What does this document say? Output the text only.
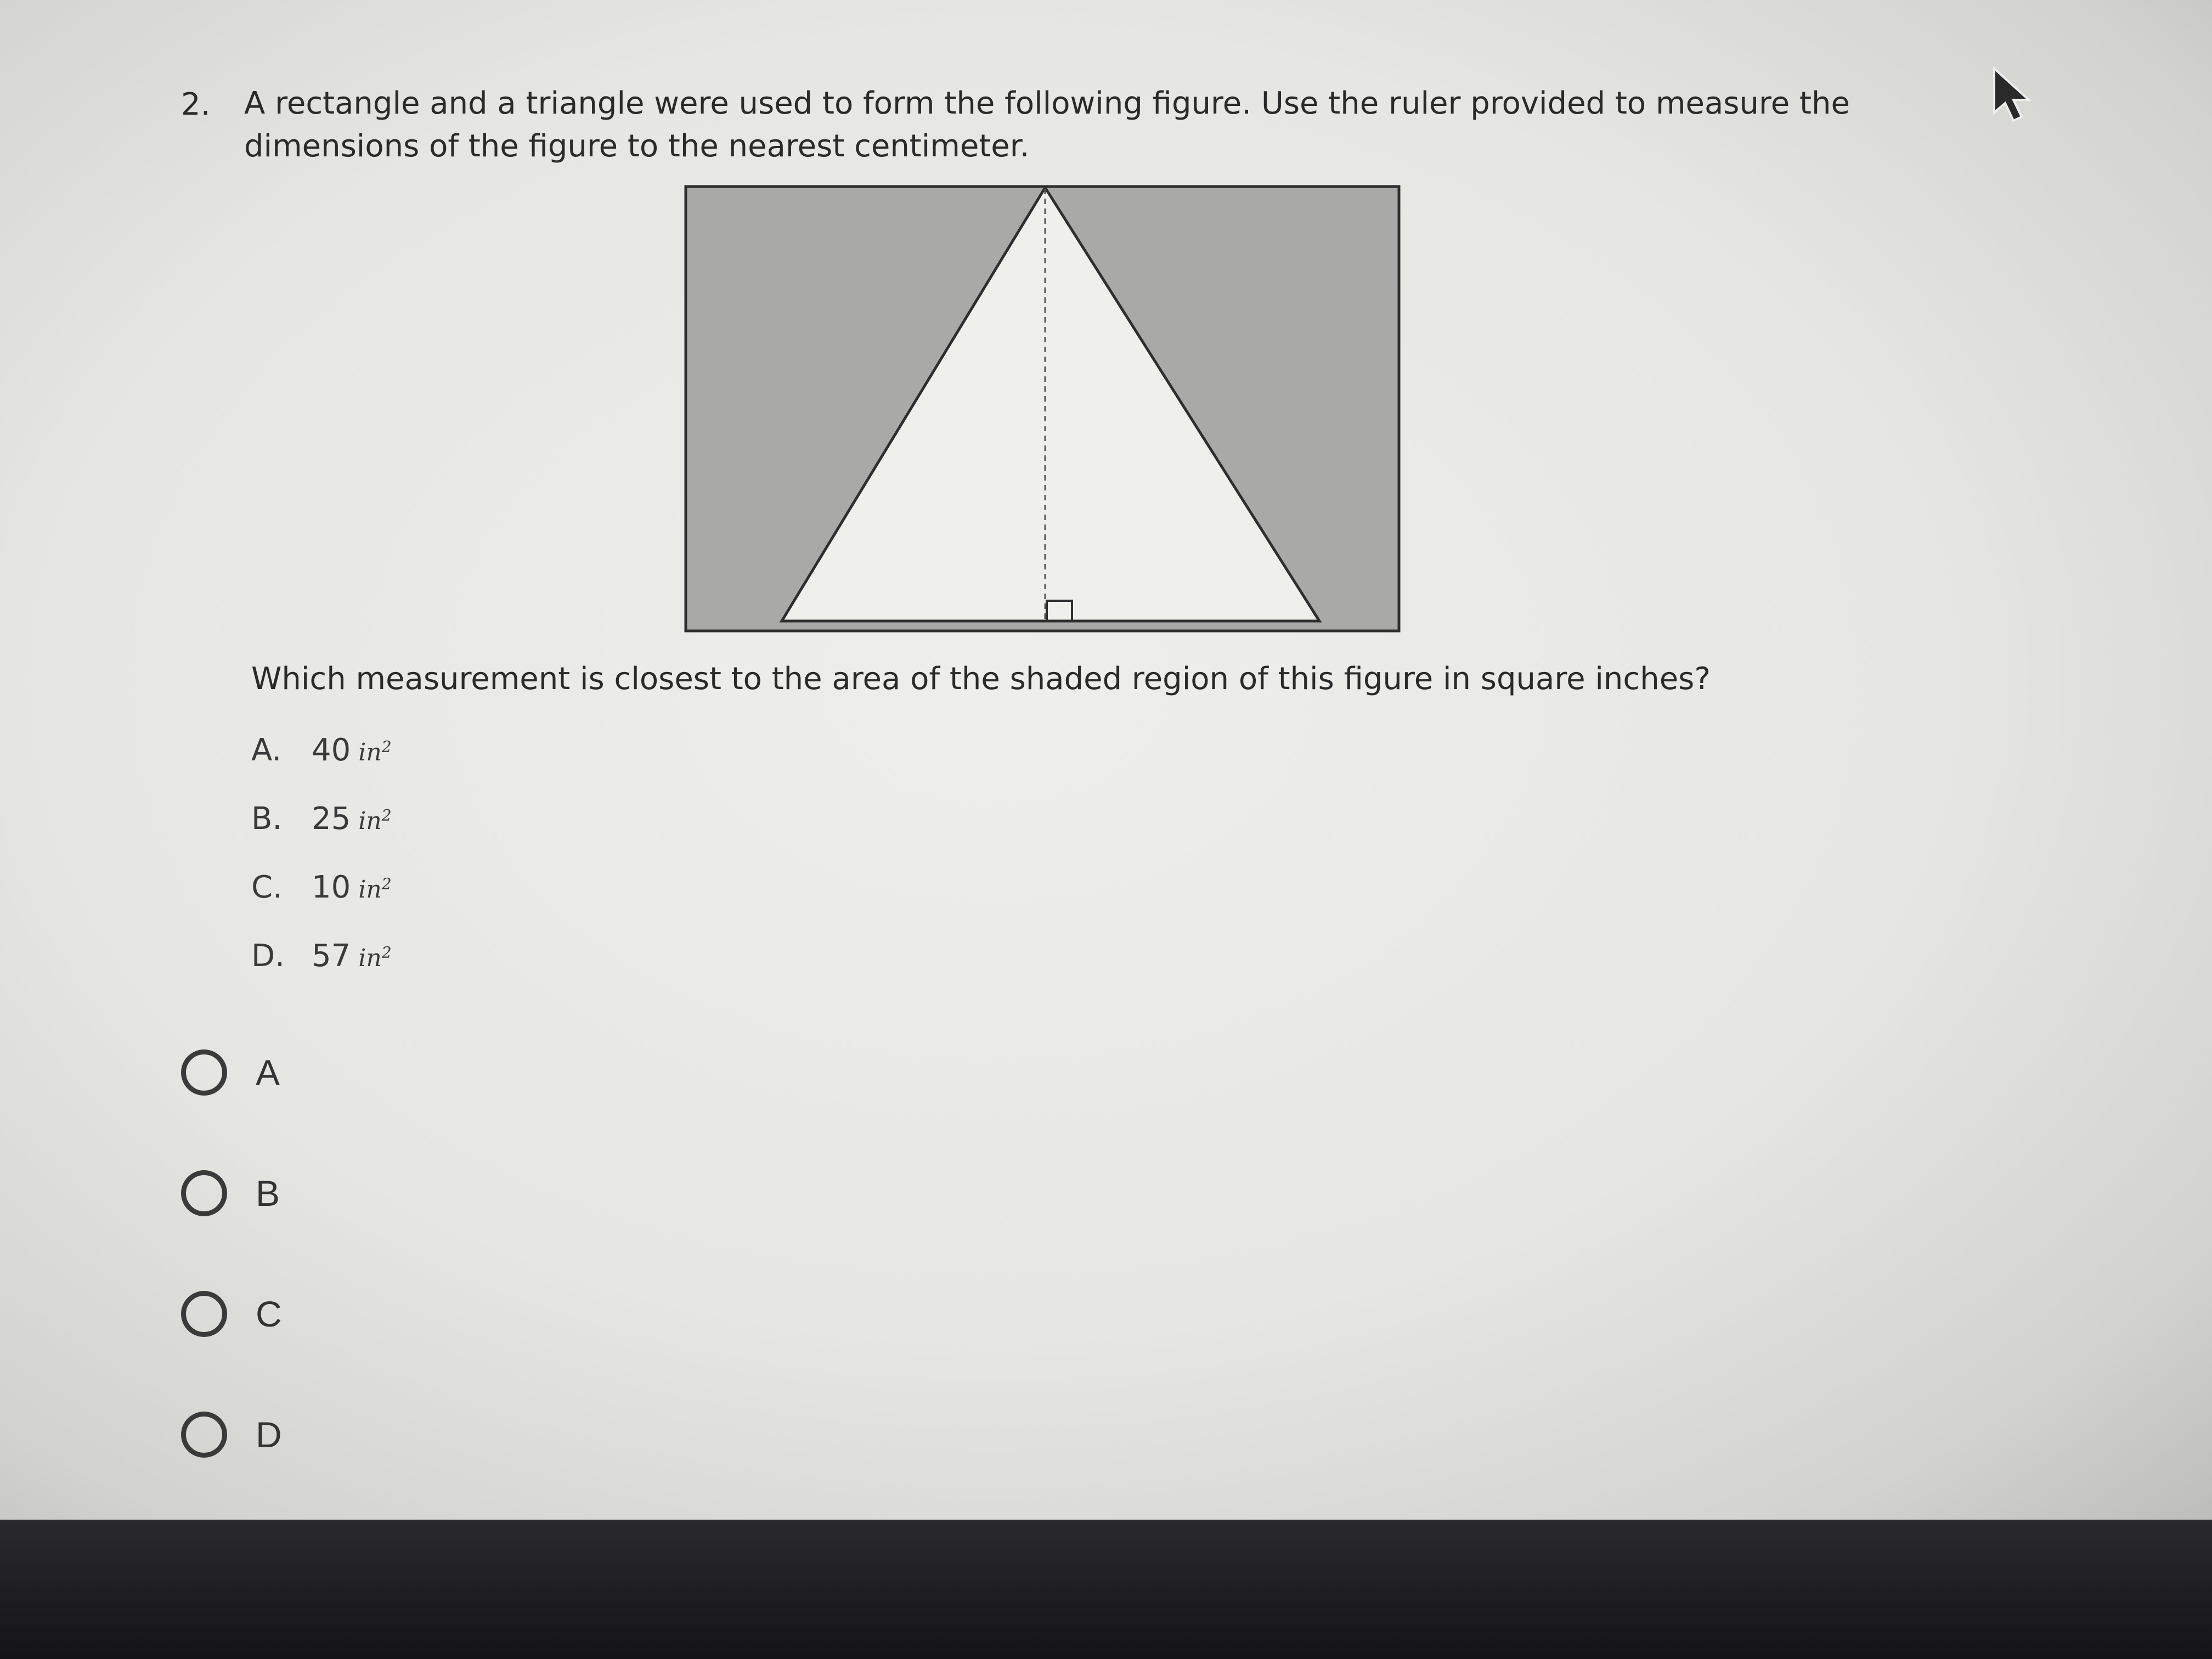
2. A rectangle and a triangle were used to form the following figure. Use the ruler provided to measure the dimensions of the figure to the nearest centimeter.
Which measurement is closest to the area of the shaded region of this figure in square inches?
A. 40 $in^2$
B. 25 $in^2$
C. 10 $in^2$
D. 57 $in^2$
A
B
C
D
